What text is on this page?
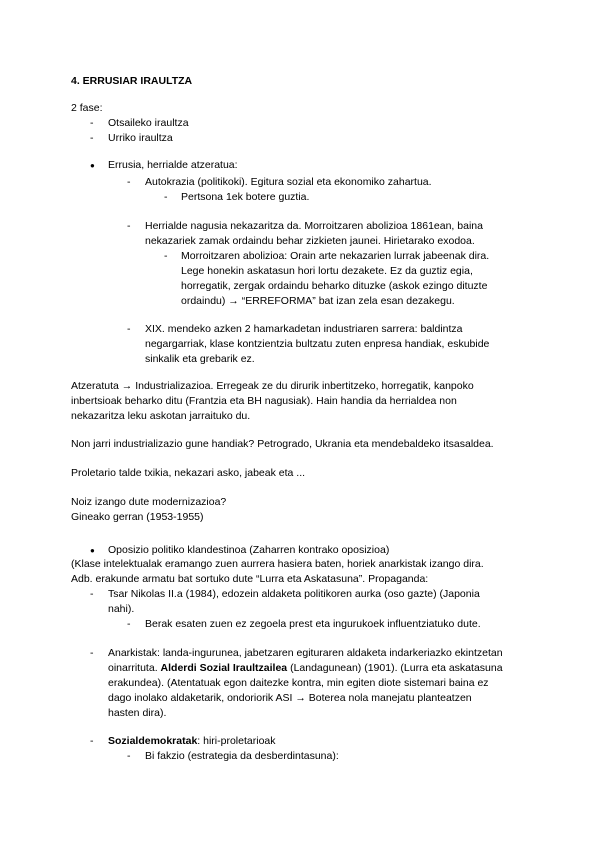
4. ERRUSIAR IRAULTZA
2 fase:
- Otsaileko iraultza
- Urriko iraultza
● Errusia, herrialde atzeratua:
- Autokrazia (politikoki). Egitura sozial eta ekonomiko zahartua.
- Pertsona 1ek botere guztia.
- Herrialde nagusia nekazaritza da. Morroitzaren abolizioa 1861ean, baina
nekazariek zamak ordaindu behar zizkieten jaunei. Hirietarako exodoa.
- Morroitzaren abolizioa: Orain arte nekazarien lurrak jabeenak dira.
Lege honekin askatasun hori lortu dezakete. Ez da guztiz egia,
horregatik, zergak ordaindu beharko dituzke (askok ezingo dituzte
ordaindu) → “ERREFORMA” bat izan zela esan dezakegu.
- XIX. mendeko azken 2 hamarkadetan industriaren sarrera: baldintza
negargarriak, klase kontzientzia bultzatu zuten enpresa handiak, eskubide
sinkalik eta grebarik ez.
Atzeratuta → Industrializazioa. Erregeak ze du dirurik inbertitzeko, horregatik, kanpoko
inbertsioak beharko ditu (Frantzia eta BH nagusiak). Hain handia da herrialdea non
nekazaritza leku askotan jarraituko du.
Non jarri industrializazio gune handiak? Petrogrado, Ukrania eta mendebaldeko itsasaldea.
Proletario talde txikia, nekazari asko, jabeak eta ...
Noiz izango dute modernizazioa?
Gineako gerran (1953-1955)
● Oposizio politiko klandestinoa (Zaharren kontrako oposizioa)
(Klase intelektualak eramango zuen aurrera hasiera baten, horiek anarkistak izango dira.
Adb. erakunde armatu bat sortuko dute “Lurra eta Askatasuna”. Propaganda:
- Tsar Nikolas II.a (1984), edozein aldaketa politikoren aurka (oso gazte) (Japonia
nahi).
- Berak esaten zuen ez zegoela prest eta ingurukoek influentziatuko dute.
- Anarkistak: landa-ingurunea, jabetzaren egituraren aldaketa indarkeriazko ekintzetan
oinarrituta. Alderdi Sozial Iraultzailea (Landagunean) (1901). (Lurra eta askatasuna
erakundea). (Atentatuak egon daitezke kontra, min egiten diote sistemari baina ez
dago inolako aldaketarik, ondoriorik ASI → Boterea nola manejatu planteatzen
hasten dira).
- Sozialdemokratak: hiri-proletarioak
- Bi fakzio (estrategia da desberdintasuna):
